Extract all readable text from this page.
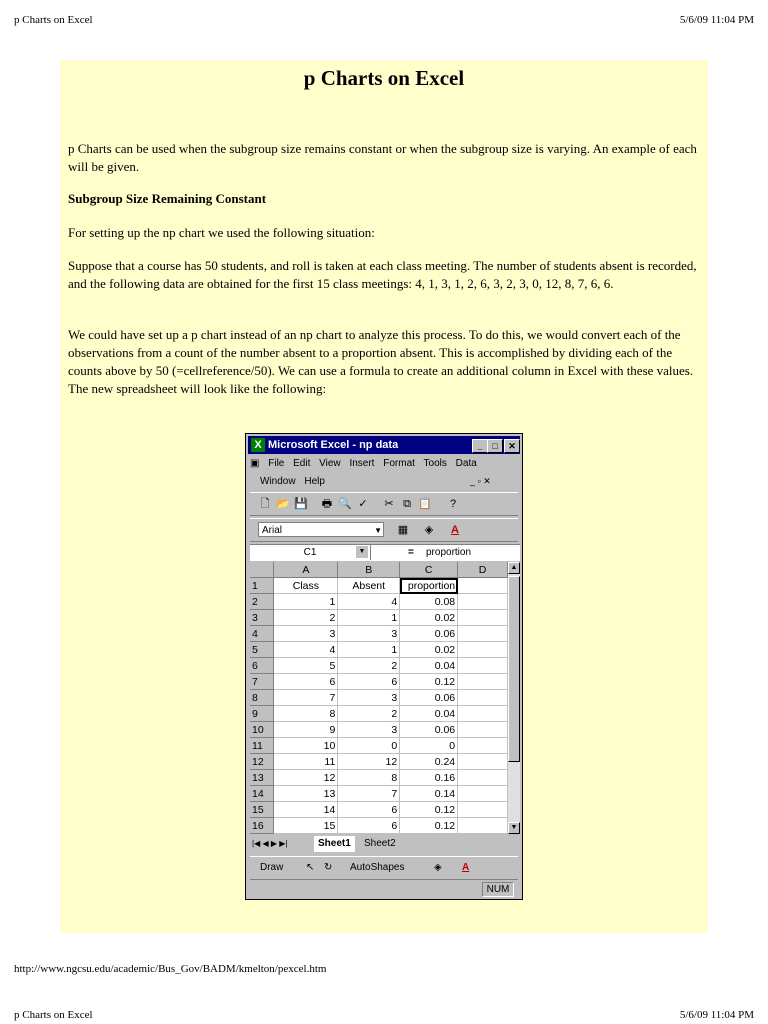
p Charts on Excel	5/6/09 11:04 PM
p Charts on Excel
p Charts can be used when the subgroup size remains constant or when the subgroup size is varying. An example of each will be given.
Subgroup Size Remaining Constant
For setting up the np chart we used the following situation:
Suppose that a course has 50 students, and roll is taken at each class meeting. The number of students absent is recorded, and the following data are obtained for the first 15 class meetings: 4, 1, 3, 1, 2, 6, 3, 2, 3, 0, 12, 8, 7, 6, 6.
We could have set up a p chart instead of an np chart to analyze this process. To do this, we would convert each of the observations from a count of the number absent to a proportion absent. This is accomplished by dividing each of the counts above by 50 (=cellreference/50). We can use a formula to create an additional column in Excel with these values. The new spreadsheet will look like the following:
X Microsoft Excel - np data	_	□	✕
▣ File Edit View Insert Format Tools Data
Window Help	_ ▫ ✕
🗋 📂 💾 🖶 🔍 ✓ ✂ ⧉ 📋	?
Arial	▼ ▦ ◈ A
C1	▼	= proportion
	A	B	C	D
1	Class	Absent	proportion	
2	1	4	0.08	
3	2	1	0.02	
4	3	3	0.06	
5	4	1	0.02	
6	5	2	0.04	
7	6	6	0.12	
8	7	3	0.06	
9	8	2	0.04	
10	9	3	0.06	
11	10	0	0	
12	11	12	0.24	
13	12	8	0.16	
14	13	7	0.14	
15	14	6	0.12	
16	15	6	0.12	
▲
▼
|◀ ◀ ▶ ▶|	Sheet1	Sheet2
Draw ↖ ↻ AutoShapes	◈ A
NUM
http://www.ngcsu.edu/academic/Bus_Gov/BADM/kmelton/pexcel.htm
p Charts on Excel	5/6/09 11:04 PM
